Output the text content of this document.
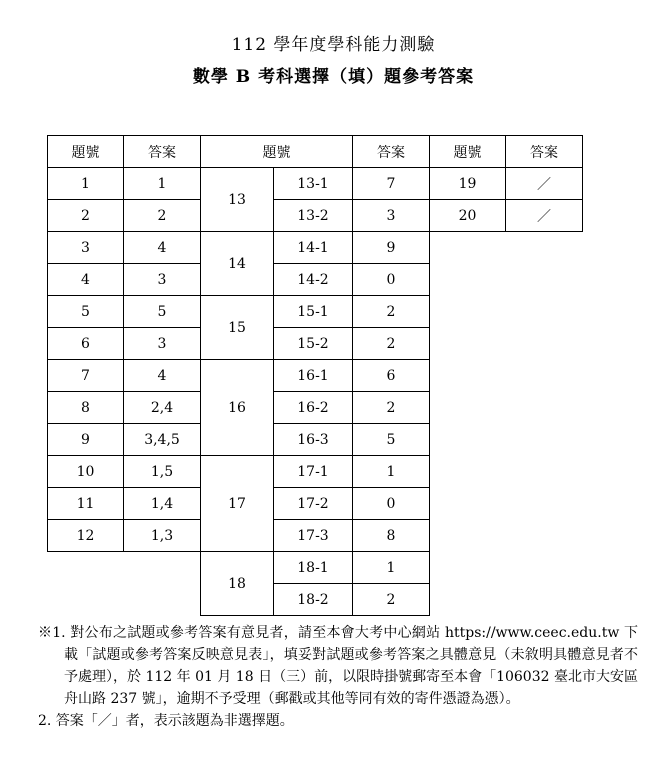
112 學年度學科能力測驗
數學 B 考科選擇（填）題參考答案
題號	答案	題號		答案	題號	答案
1	1	13	13-1	7	19	／
2	2		13-2	3	20	／
3	4	14	14-1	9		
4	3		14-2	0		
5	5	15	15-1	2		
6	3		15-2	2		
7	4	16	16-1	6		
8	2,4		16-2	2		
9	3,4,5		16-3	5		
10	1,5	17	17-1	1		
11	1,4		17-2	0		
12	1,3		17-3	8		
		18	18-1	1		
			18-2	2		

※1. 對公布之試題或參考答案有意見者，請至本會大考中心網站 https://www.ceec.edu.tw 下載「試題或參考答案反映意見表」，填妥對試題或參考答案之具體意見（未敘明具體意見者不予處理），於 112 年 01 月 18 日（三）前，以限時掛號郵寄至本會「106032 臺北市大安區舟山路 237 號」，逾期不予受理（郵戳或其他等同有效的寄件憑證為憑）。

2. 答案「／」者，表示該題為非選擇題。
